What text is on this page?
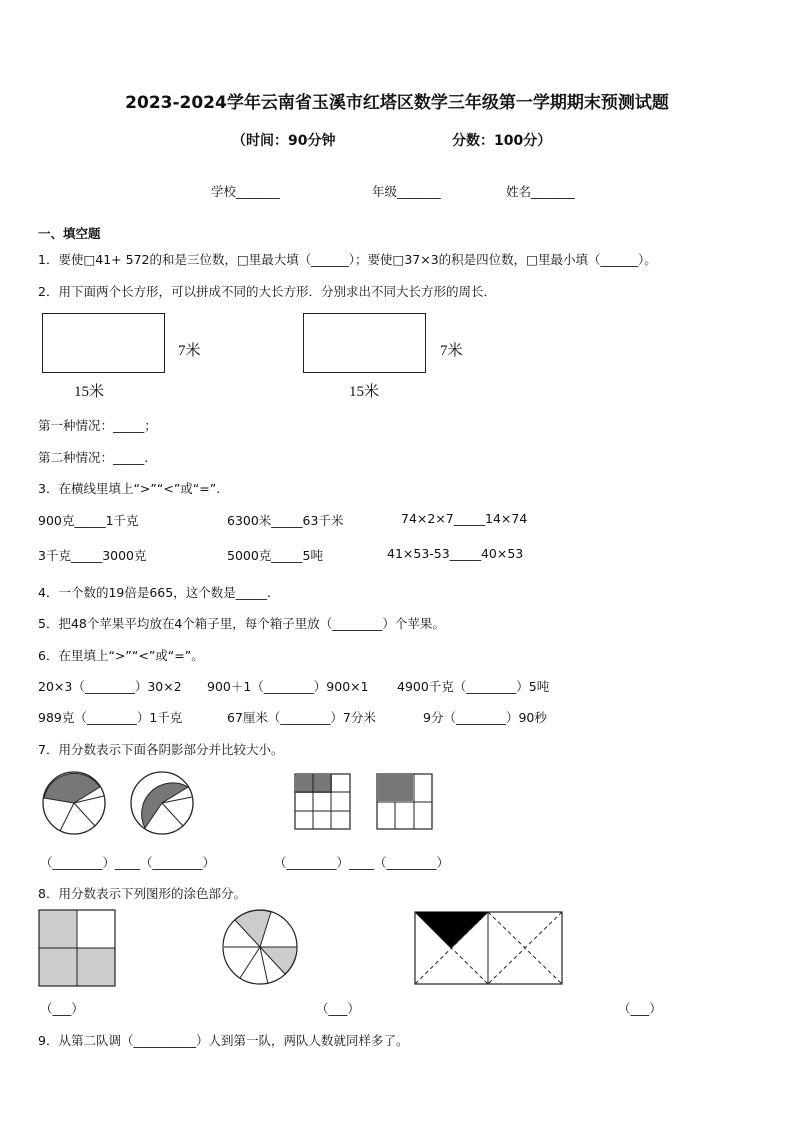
2023-2024学年云南省玉溪市红塔区数学三年级第一学期期末预测试题
（时间：90分钟	分数：100分）
学校_______	年级_______	姓名_______
一、填空题
1．要使□41+ 572的和是三位数，□里最大填（______）；要使□37×3的积是四位数，□里最小填（______）。
2．用下面两个长方形，可以拼成不同的大长方形．分别求出不同大长方形的周长．
7米
15米
7米
15米
第一种情况：_____；
第二种情况：_____.
3．在横线里填上“>”“<”或“=”.
900克_____1千克	6300米_____63千米	74×2×7_____14×74
3千克_____3000克	5000克_____5吨	41×53-53_____40×53
4．一个数的19倍是665，这个数是_____.
5．把48个苹果平均放在4个箱子里，每个箱子里放（________）个苹果。
6．在里填上“>”“<”或“=”。
20×3（________）30×2 900＋1（________）900×1 4900千克（________）5吨
989克（________）1千克	67厘米（________）7分米	9分（________）90秒
7．用分数表示下面各阴影部分并比较大小。
（________）____（________）	（________）____（________）
8．用分数表示下列图形的涂色部分。
（___）	（___）	（___）
9．从第二队调（__________）人到第一队，两队人数就同样多了。
